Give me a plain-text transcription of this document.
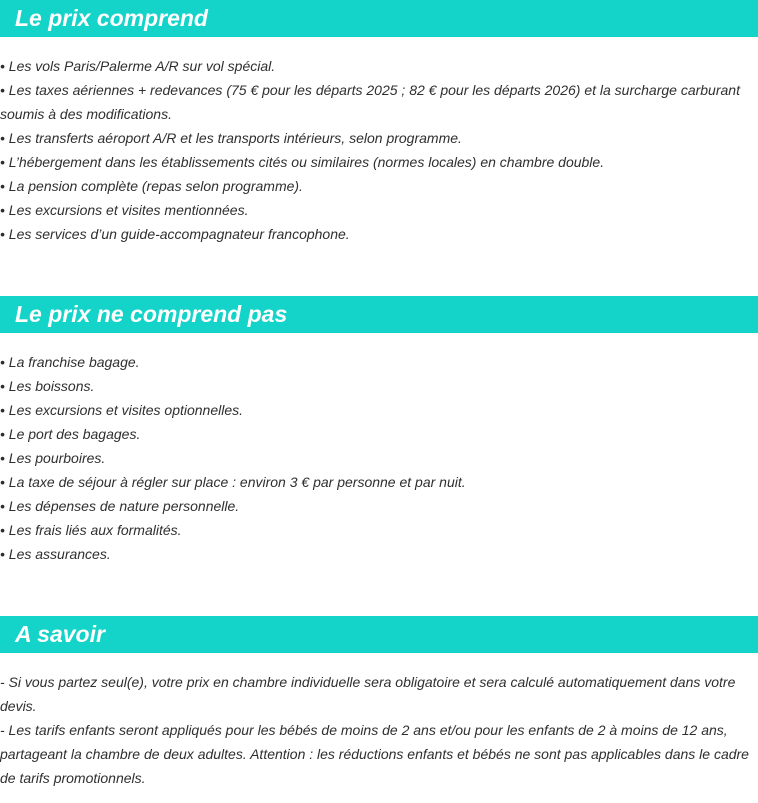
Le prix comprend
• Les vols Paris/Palerme A/R sur vol spécial.
• Les taxes aériennes + redevances (75 € pour les départs 2025 ; 82 € pour les départs 2026) et la surcharge carburant soumis à des modifications.
• Les transferts aéroport A/R et les transports intérieurs, selon programme.
• L’hébergement dans les établissements cités ou similaires (normes locales) en chambre double.
• La pension complète (repas selon programme).
• Les excursions et visites mentionnées.
• Les services d’un guide-accompagnateur francophone.
Le prix ne comprend pas
• La franchise bagage.
• Les boissons.
• Les excursions et visites optionnelles.
• Le port des bagages.
• Les pourboires.
• La taxe de séjour à régler sur place : environ 3 € par personne et par nuit.
• Les dépenses de nature personnelle.
• Les frais liés aux formalités.
• Les assurances.
A savoir
- Si vous partez seul(e), votre prix en chambre individuelle sera obligatoire et sera calculé automatiquement dans votre devis.
- Les tarifs enfants seront appliqués pour les bébés de moins de 2 ans et/ou pour les enfants de 2 à moins de 12 ans, partageant la chambre de deux adultes. Attention : les réductions enfants et bébés ne sont pas applicables dans le cadre de tarifs promotionnels.
